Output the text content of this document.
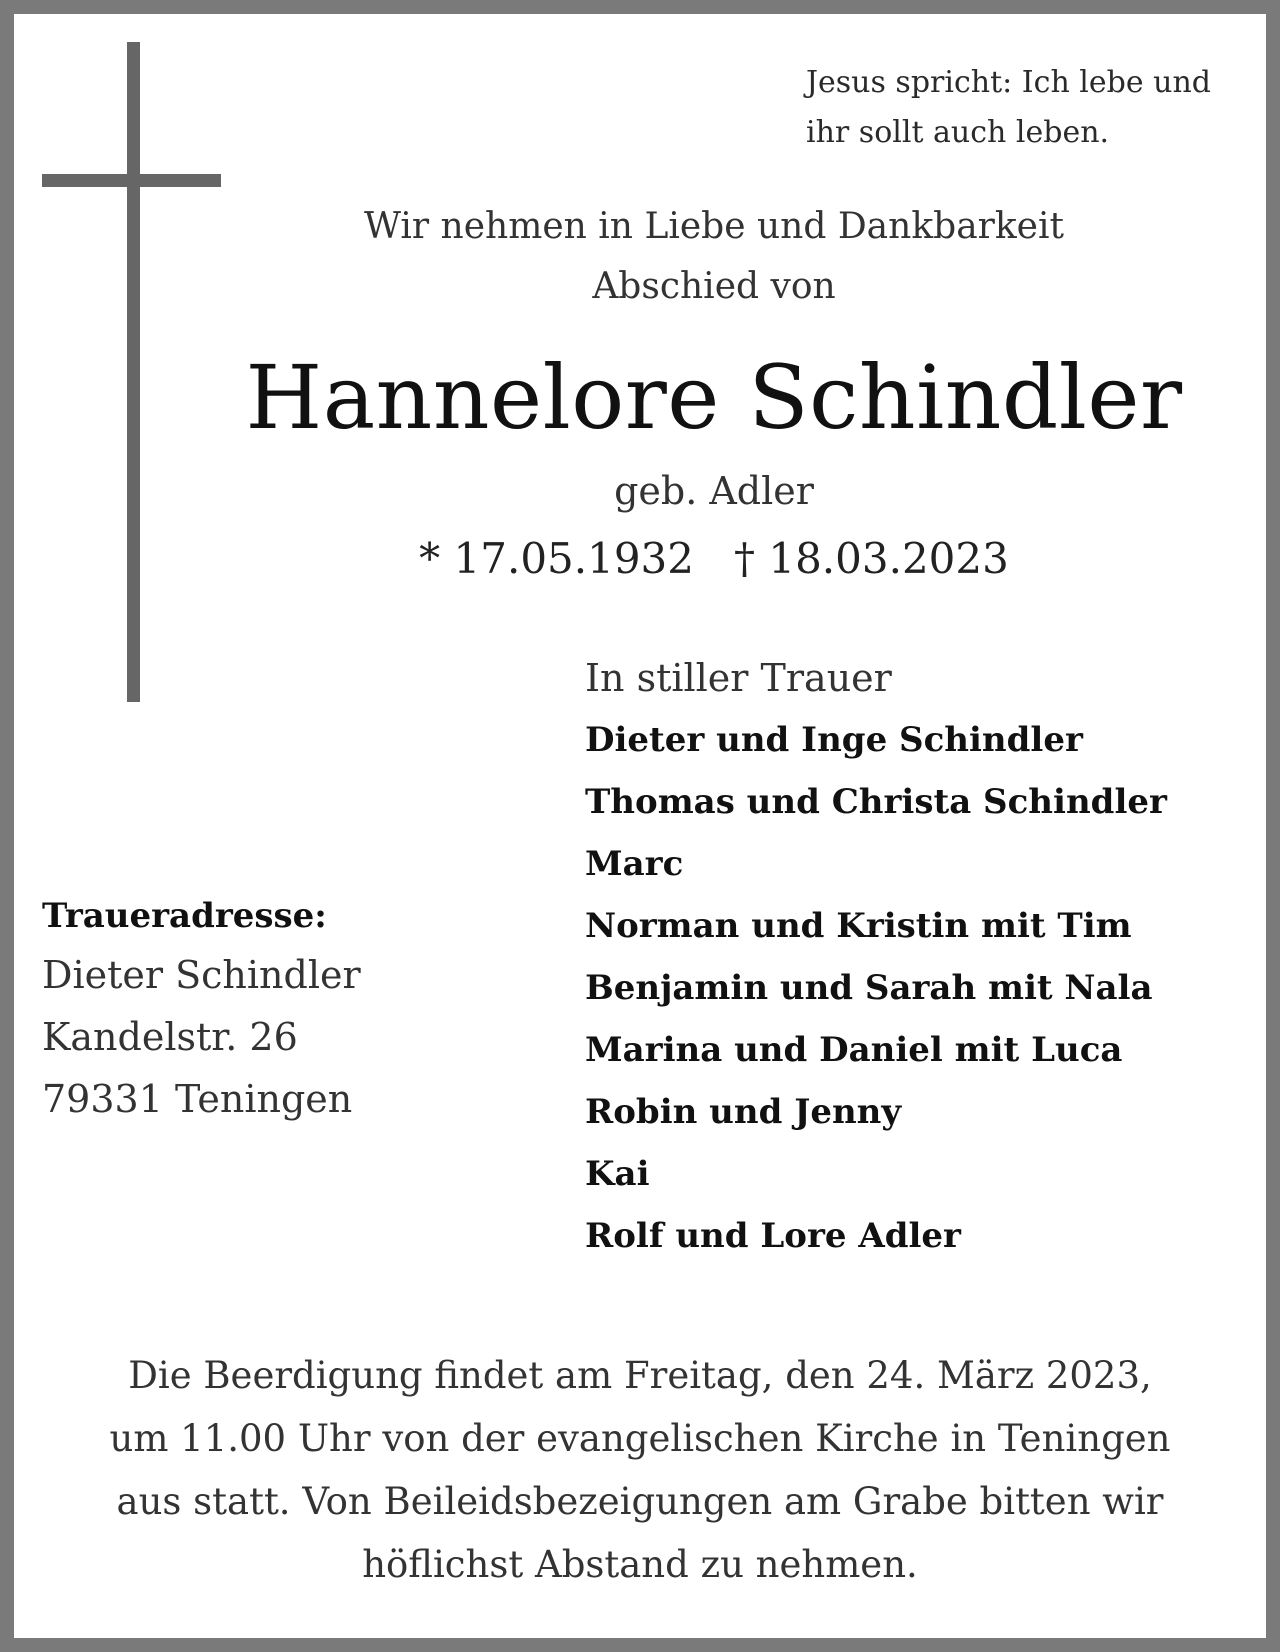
Jesus spricht: Ich lebe und
ihr sollt auch leben.
Wir nehmen in Liebe und Dankbarkeit
Abschied von
Hannelore Schindler
geb. Adler
* 17.05.1932 † 18.03.2023
In stiller Trauer
Dieter und Inge Schindler
Thomas und Christa Schindler
Marc
Norman und Kristin mit Tim
Benjamin und Sarah mit Nala
Marina und Daniel mit Luca
Robin und Jenny
Kai
Rolf und Lore Adler
Traueradresse:
Dieter Schindler
Kandelstr. 26
79331 Teningen
Die Beerdigung findet am Freitag, den 24. März 2023,
um 11.00 Uhr von der evangelischen Kirche in Teningen
aus statt. Von Beileidsbezeigungen am Grabe bitten wir
höflichst Abstand zu nehmen.
